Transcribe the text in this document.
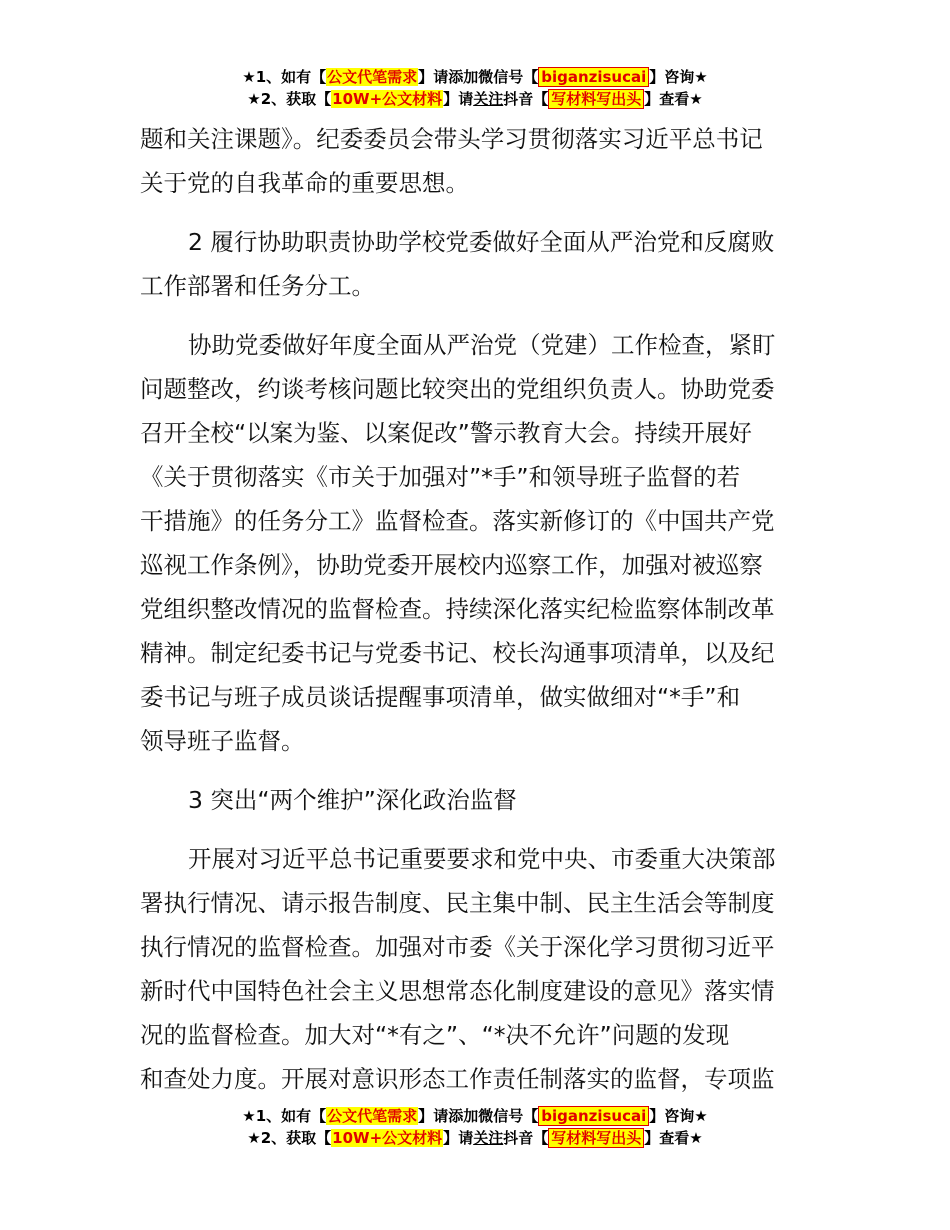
★1、如有【公文代笔需求】请添加微信号【 biganzisucai 】咨询★
★2、获取【10W+公文材料】请关注抖音【 写材料写出头 】查看★
题和关注课题》。纪委委员会带头学习贯彻落实习近平总书记
关于党的自我革命的重要思想。
2 履行协助职责协助学校党委做好全面从严治党和反腐败
工作部署和任务分工。
协助党委做好年度全面从严治党（党建）工作检查，紧盯
问题整改，约谈考核问题比较突出的党组织负责人。协助党委
召开全校“以案为鉴、以案促改”警示教育大会。持续开展好
《关于贯彻落实《市关于加强对”*手”和领导班子监督的若
干措施》的任务分工》监督检查。落实新修订的《中国共产党
巡视工作条例》，协助党委开展校内巡察工作，加强对被巡察
党组织整改情况的监督检查。持续深化落实纪检监察体制改革
精神。制定纪委书记与党委书记、校长沟通事项清单，以及纪
委书记与班子成员谈话提醒事项清单，做实做细对“*手”和
领导班子监督。
3 突出“两个维护”深化政治监督
开展对习近平总书记重要要求和党中央、市委重大决策部
署执行情况、请示报告制度、民主集中制、民主生活会等制度
执行情况的监督检查。加强对市委《关于深化学习贯彻习近平
新时代中国特色社会主义思想常态化制度建设的意见》落实情
况的监督检查。加大对“*有之”、“*决不允许”问题的发现
和查处力度。开展对意识形态工作责任制落实的监督，专项监
★1、如有【公文代笔需求】请添加微信号【 biganzisucai 】咨询★
★2、获取【10W+公文材料】请关注抖音【 写材料写出头 】查看★
